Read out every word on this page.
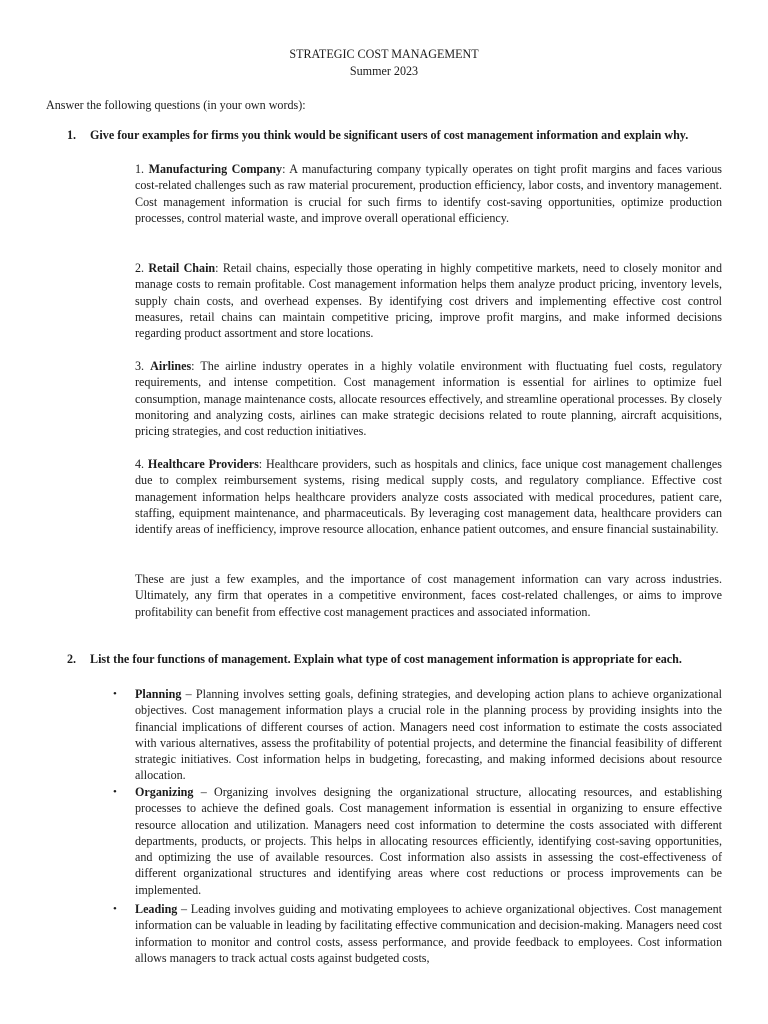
STRATEGIC COST MANAGEMENT
Summer 2023
Answer the following questions (in your own words):
1.	Give four examples for firms you think would be significant users of cost management information and explain why.
1. Manufacturing Company: A manufacturing company typically operates on tight profit margins and faces various cost-related challenges such as raw material procurement, production efficiency, labor costs, and inventory management. Cost management information is crucial for such firms to identify cost-saving opportunities, optimize production processes, control material waste, and improve overall operational efficiency.
2. Retail Chain: Retail chains, especially those operating in highly competitive markets, need to closely monitor and manage costs to remain profitable. Cost management information helps them analyze product pricing, inventory levels, supply chain costs, and overhead expenses. By identifying cost drivers and implementing effective cost control measures, retail chains can maintain competitive pricing, improve profit margins, and make informed decisions regarding product assortment and store locations.
3. Airlines: The airline industry operates in a highly volatile environment with fluctuating fuel costs, regulatory requirements, and intense competition. Cost management information is essential for airlines to optimize fuel consumption, manage maintenance costs, allocate resources effectively, and streamline operational processes. By closely monitoring and analyzing costs, airlines can make strategic decisions related to route planning, aircraft acquisitions, pricing strategies, and cost reduction initiatives.
4. Healthcare Providers: Healthcare providers, such as hospitals and clinics, face unique cost management challenges due to complex reimbursement systems, rising medical supply costs, and regulatory compliance. Effective cost management information helps healthcare providers analyze costs associated with medical procedures, patient care, staffing, equipment maintenance, and pharmaceuticals. By leveraging cost management data, healthcare providers can identify areas of inefficiency, improve resource allocation, enhance patient outcomes, and ensure financial sustainability.
These are just a few examples, and the importance of cost management information can vary across industries. Ultimately, any firm that operates in a competitive environment, faces cost-related challenges, or aims to improve profitability can benefit from effective cost management practices and associated information.
2.	List the four functions of management. Explain what type of cost management information is appropriate for each.
• Planning – Planning involves setting goals, defining strategies, and developing action plans to achieve organizational objectives. Cost management information plays a crucial role in the planning process by providing insights into the financial implications of different courses of action. Managers need cost information to estimate the costs associated with various alternatives, assess the profitability of potential projects, and determine the financial feasibility of different strategic initiatives. Cost information helps in budgeting, forecasting, and making informed decisions about resource allocation.
• Organizing – Organizing involves designing the organizational structure, allocating resources, and establishing processes to achieve the defined goals. Cost management information is essential in organizing to ensure effective resource allocation and utilization. Managers need cost information to determine the costs associated with different departments, products, or projects. This helps in allocating resources efficiently, identifying cost-saving opportunities, and optimizing the use of available resources. Cost information also assists in assessing the cost-effectiveness of different organizational structures and identifying areas where cost reductions or process improvements can be implemented.
• Leading – Leading involves guiding and motivating employees to achieve organizational objectives. Cost management information can be valuable in leading by facilitating effective communication and decision-making. Managers need cost information to monitor and control costs, assess performance, and provide feedback to employees. Cost information allows managers to track actual costs against budgeted costs,
